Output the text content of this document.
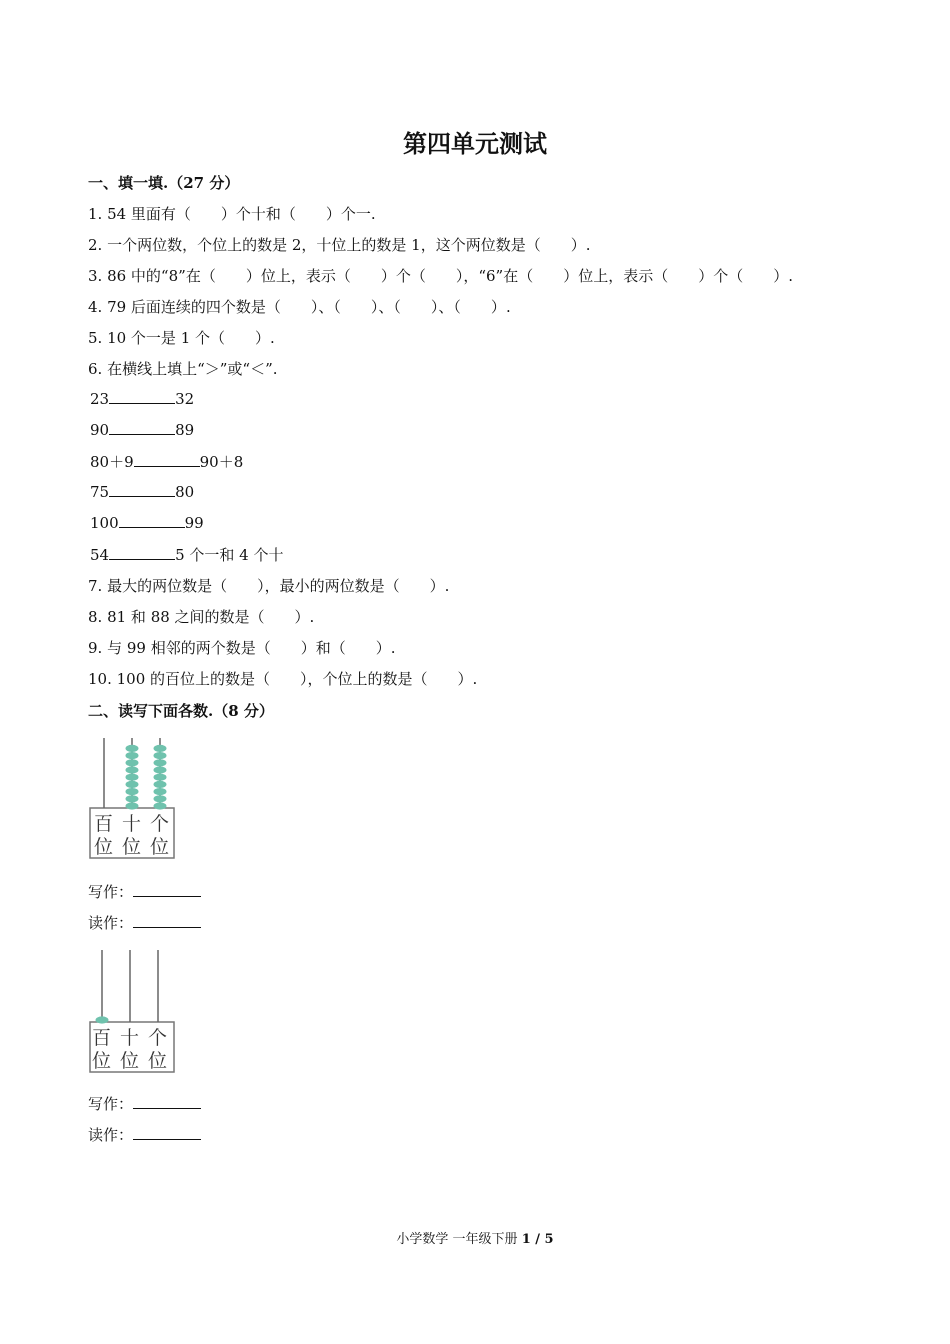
第四单元测试
一、填一填.（27 分）
1. 54 里面有（　　）个十和（　　）个一.
2. 一个两位数，个位上的数是 2，十位上的数是 1，这个两位数是（　　）.
3. 86 中的“8”在（　　）位上，表示（　　）个（　　），“6”在（　　）位上，表示（　　）个（　　）.
4. 79 后面连续的四个数是（　　）、（　　）、（　　）、（　　）.
5. 10 个一是 1 个（　　）.
6. 在横线上填上“＞”或“＜”.
23	32
90	89
80＋9	90＋8
75	80
100	99
54	5 个一和 4 个十
7. 最大的两位数是（　　），最小的两位数是（　　）.
8. 81 和 88 之间的数是（　　）.
9. 与 99 相邻的两个数是（　　）和（　　）.
10. 100 的百位上的数是（　　），个位上的数是（　　）.
二、读写下面各数.（8 分）
百 位
十 位
个 位
写作：
读作：
百 位
十 位
个 位
写作：
读作：
小学数学 一年级下册 1 / 5
